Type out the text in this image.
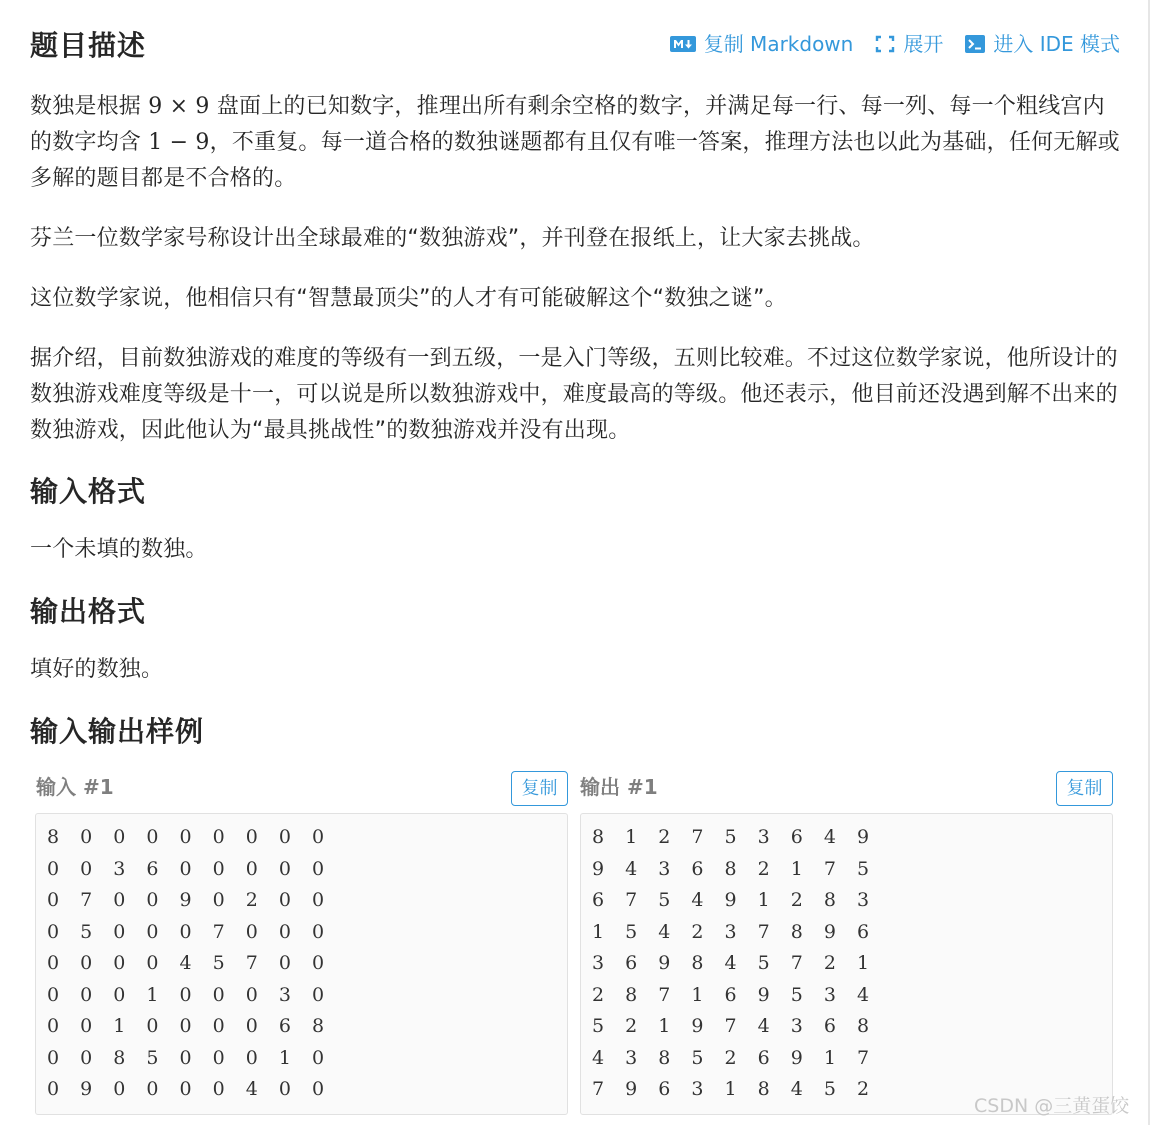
题目描述	复制 Markdown	展开	进入 IDE 模式
数独是根据 9 × 9 盘面上的已知数字，推理出所有剩余空格的数字，并满足每一行、每一列、每一个粗线宫内的数字均含 1 − 9，不重复。每一道合格的数独谜题都有且仅有唯一答案，推理方法也以此为基础，任何无解或多解的题目都是不合格的。
芬兰一位数学家号称设计出全球最难的“数独游戏”，并刊登在报纸上，让大家去挑战。
这位数学家说，他相信只有“智慧最顶尖”的人才有可能破解这个“数独之谜”。
据介绍，目前数独游戏的难度的等级有一到五级，一是入门等级，五则比较难。不过这位数学家说，他所设计的数独游戏难度等级是十一，可以说是所以数独游戏中，难度最高的等级。他还表示，他目前还没遇到解不出来的数独游戏，因此他认为“最具挑战性”的数独游戏并没有出现。
输入格式
一个未填的数独。
输出格式
填好的数独。
输入输出样例
输入 #1	复制	输出 #1	复制
8 0 0 0 0 0 0 0 0
0 0 3 6 0 0 0 0 0
0 7 0 0 9 0 2 0 0
0 5 0 0 0 7 0 0 0
0 0 0 0 4 5 7 0 0
0 0 0 1 0 0 0 3 0
0 0 1 0 0 0 0 6 8
0 0 8 5 0 0 0 1 0
0 9 0 0 0 0 4 0 0
8 1 2 7 5 3 6 4 9
9 4 3 6 8 2 1 7 5
6 7 5 4 9 1 2 8 3
1 5 4 2 3 7 8 9 6
3 6 9 8 4 5 7 2 1
2 8 7 1 6 9 5 3 4
5 2 1 9 7 4 3 6 8
4 3 8 5 2 6 9 1 7
7 9 6 3 1 8 4 5 2
CSDN @三黄蛋饺
